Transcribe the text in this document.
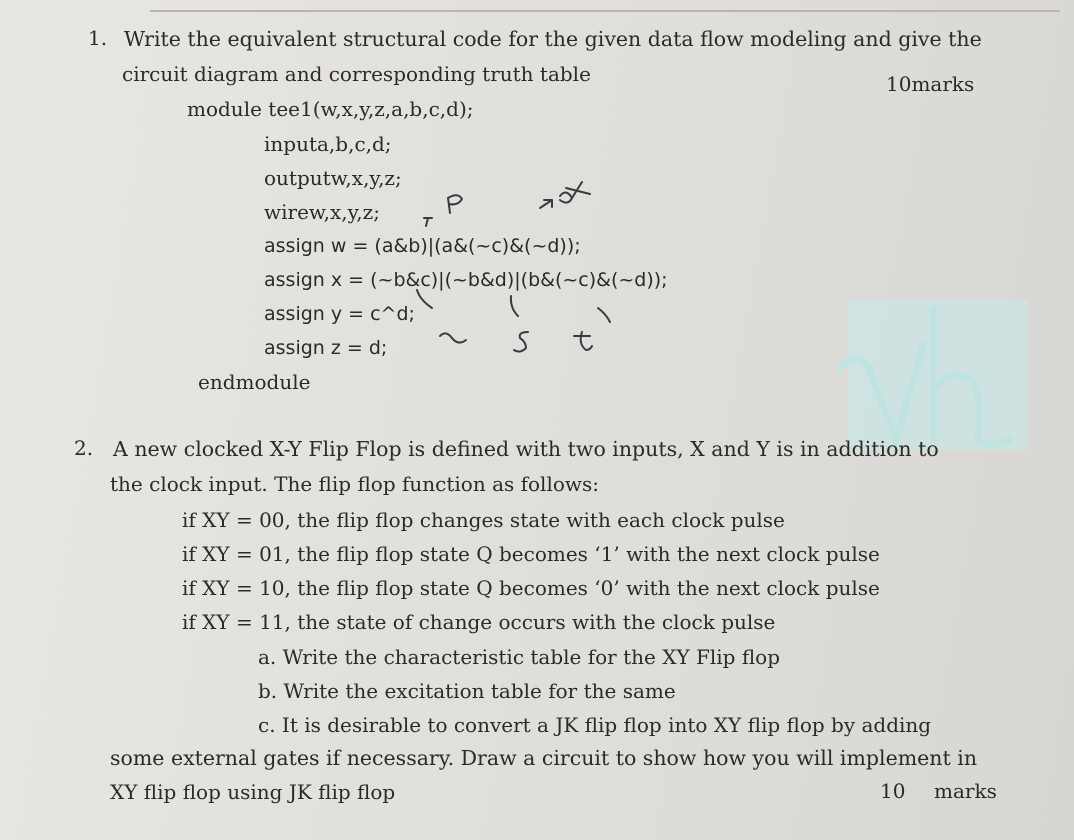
1. Write the equivalent structural code for the given data flow modeling and give the
circuit diagram and corresponding truth table	10marks
module tee1(w,x,y,z,a,b,c,d);
inputa,b,c,d;
outputw,x,y,z;
wirew,x,y,z;
assign w = (a&b)|(a&(~c)&(~d));
assign x = (~b&c)|(~b&d)|(b&(~c)&(~d));
assign y = c^d;
assign z = d;
endmodule
2. A new clocked X-Y Flip Flop is defined with two inputs, X and Y is in addition to
the clock input. The flip flop function as follows:
if XY = 00, the flip flop changes state with each clock pulse
if XY = 01, the flip flop state Q becomes ‘1’ with the next clock pulse
if XY = 10, the flip flop state Q becomes ‘0’ with the next clock pulse
if XY = 11, the state of change occurs with the clock pulse
a. Write the characteristic table for the XY Flip flop
b. Write the excitation table for the same
c. It is desirable to convert a JK flip flop into XY flip flop by adding
some external gates if necessary. Draw a circuit to show how you will implement in
XY flip flop using JK flip flop	10 marks
